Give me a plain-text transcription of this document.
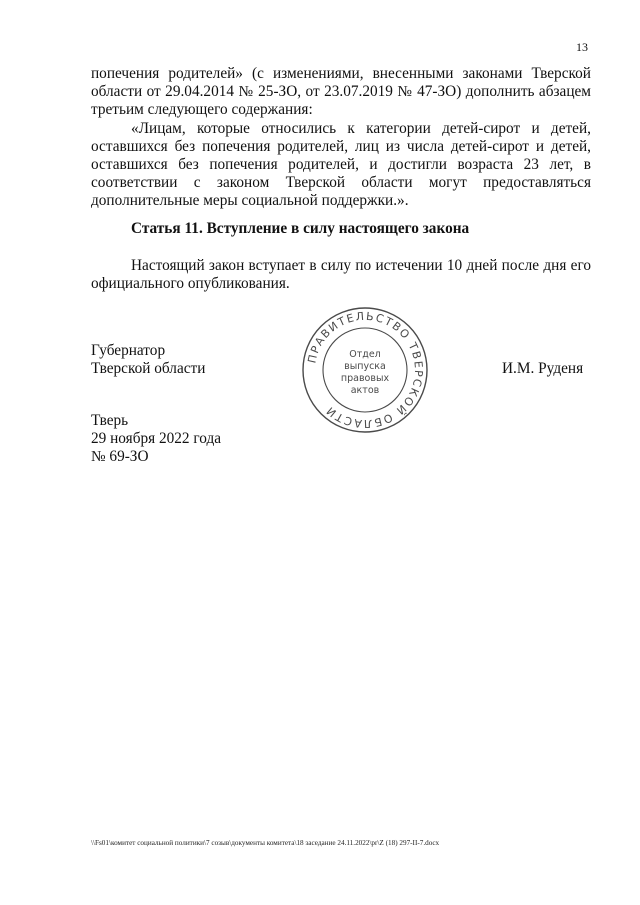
13
попечения родителей» (с изменениями, внесенными законами Тверской области от 29.04.2014 № 25-ЗО, от 23.07.2019 № 47-ЗО) дополнить абзацем третьим следующего содержания:
«Лицам, которые относились к категории детей-сирот и детей, оставшихся без попечения родителей, лиц из числа детей-сирот и детей, оставшихся без попечения родителей, и достигли возраста 23 лет, в соответствии с законом Тверской области могут предоставляться дополнительные меры социальной поддержки.».
Статья 11. Вступление в силу настоящего закона
Настоящий закон вступает в силу по истечении 10 дней после дня его официального опубликования.
Губернатор
Тверской области
ПРАВИТЕЛЬСТВО ТВЕРСКОЙ ОБЛАСТИ
Отдел
выпуска
правовых
актов
И.М. Руденя
Тверь
29 ноября 2022 года
№ 69-ЗО
\\Fs01\комитет социальной политики\7 созыв\документы комитета\18 заседание 24.11.2022\pr\Z (18) 297-II-7.docx
